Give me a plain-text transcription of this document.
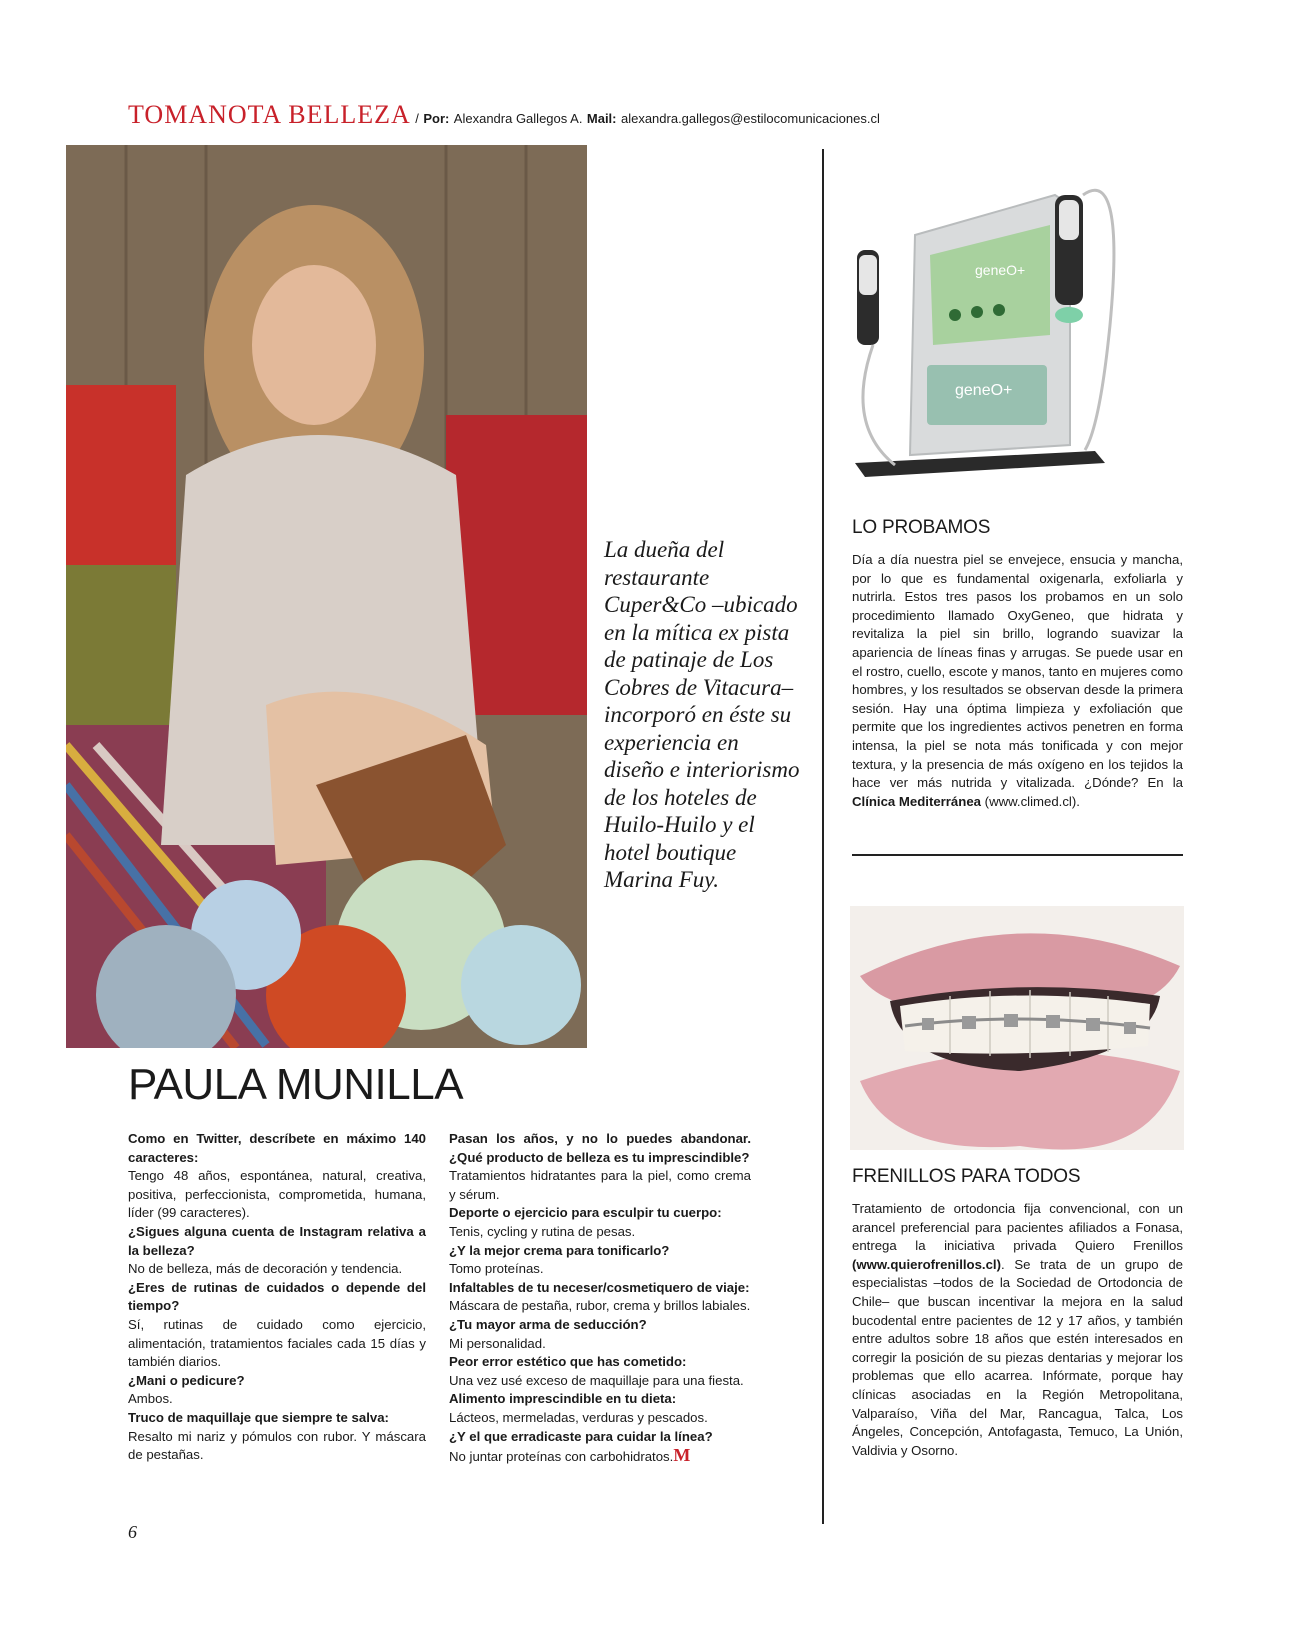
TOMANOTA BELLEZA / Por: Alexandra Gallegos A. Mail: alexandra.gallegos@estilocomunicaciones.cl
La dueña del restaurante Cuper&Co –ubicado en la mítica ex pista de patinaje de Los Cobres de Vitacura– incorporó en éste su experiencia en diseño e interiorismo de los hoteles de Huilo-Huilo y el hotel boutique Marina Fuy.
PAULA MUNILLA

Como en Twitter, descríbete en máximo 140 caracteres:

Tengo 48 años, espontánea, natural, creativa, positiva, perfeccionista, comprometida, humana, líder (99 caracteres).

¿Sigues alguna cuenta de Instagram relativa a la belleza?

No de belleza, más de decoración y tendencia.

¿Eres de rutinas de cuidados o depende del tiempo?

Sí, rutinas de cuidado como ejercicio, alimentación, tratamientos faciales cada 15 días y también diarios.

¿Mani o pedicure?

Ambos.

Truco de maquillaje que siempre te salva:

Resalto mi nariz y pómulos con rubor. Y máscara de pestañas.

Pasan los años, y no lo puedes abandonar. ¿Qué producto de belleza es tu imprescindible?

Tratamientos hidratantes para la piel, como crema y sérum.

Deporte o ejercicio para esculpir tu cuerpo:

Tenis, cycling y rutina de pesas.

¿Y la mejor crema para tonificarlo?

Tomo proteínas.

Infaltables de tu neceser/cosmetiquero de viaje:

Máscara de pestaña, rubor, crema y brillos labiales.

¿Tu mayor arma de seducción?

Mi personalidad.

Peor error estético que has cometido:

Una vez usé exceso de maquillaje para una fiesta.

Alimento imprescindible en tu dieta:

Lácteos, mermeladas, verduras y pescados.

¿Y el que erradicaste para cuidar la línea?

No juntar proteínas con carbohidratos.M

geneO+
geneO+
LO PROBAMOS
Día a día nuestra piel se envejece, ensucia y mancha, por lo que es fundamental oxigenarla, exfoliarla y nutrirla. Estos tres pasos los probamos en un solo procedimiento llamado OxyGeneo, que hidrata y revitaliza la piel sin brillo, logrando suavizar la apariencia de líneas finas y arrugas. Se puede usar en el rostro, cuello, escote y manos, tanto en mujeres como hombres, y los resultados se observan desde la primera sesión. Hay una óptima limpieza y exfoliación que permite que los ingredientes activos penetren en forma intensa, la piel se nota más tonificada y con mejor textura, y la presencia de más oxígeno en los tejidos la hace ver más nutrida y vitalizada. ¿Dónde? En la Clínica Mediterránea (www.climed.cl).
FRENILLOS PARA TODOS
Tratamiento de ortodoncia fija convencional, con un arancel preferencial para pacientes afiliados a Fonasa, entrega la iniciativa privada Quiero Frenillos (www.quierofrenillos.cl). Se trata de un grupo de especialistas –todos de la Sociedad de Ortodoncia de Chile– que buscan incentivar la mejora en la salud bucodental entre pacientes de 12 y 17 años, y también entre adultos sobre 18 años que estén interesados en corregir la posición de su piezas dentarias y mejorar los problemas que ello acarrea. Infórmate, porque hay clínicas asociadas en la Región Metropolitana, Valparaíso, Viña del Mar, Rancagua, Talca, Los Ángeles, Concepción, Antofagasta, Temuco, La Unión, Valdivia y Osorno.
6
